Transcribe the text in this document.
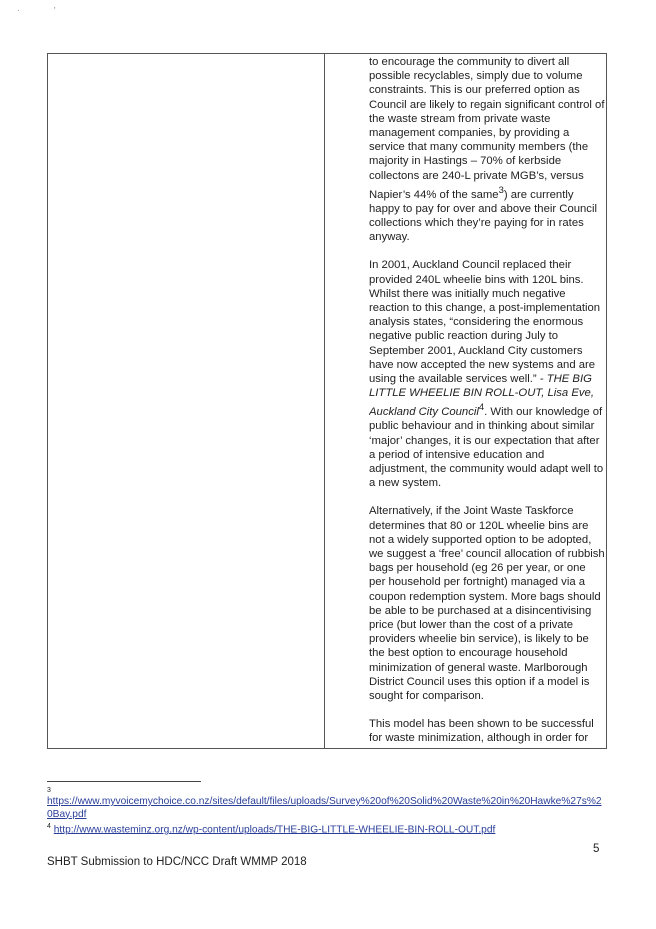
·	'

to encourage the community to divert all possible recyclables, simply due to volume constraints. This is our preferred option as Council are likely to regain significant control of the waste stream from private waste management companies, by providing a service that many community members (the majority in Hastings – 70% of kerbside collectons are 240-L private MGB’s, versus Napier’s 44% of the same$^3$) are currently happy to pay for over and above their Council collections which they’re paying for in rates anyway.

In 2001, Auckland Council replaced their provided 240L wheelie bins with 120L bins. Whilst there was initially much negative reaction to this change, a post-implementation analysis states, “considering the enormous negative public reaction during July to September 2001, Auckland City customers have now accepted the new systems and are using the available services well.” - THE BIG LITTLE WHEELIE BIN ROLL-OUT, Lisa Eve, Auckland City Council$^4$. With our knowledge of public behaviour and in thinking about similar ‘major’ changes, it is our expectation that after a period of intensive education and adjustment, the community would adapt well to a new system.

Alternatively, if the Joint Waste Taskforce determines that 80 or 120L wheelie bins are not a widely supported option to be adopted, we suggest a ‘free’ council allocation of rubbish bags per household (eg 26 per year, or one per household per fortnight) managed via a coupon redemption system. More bags should be able to be purchased at a disincentivising price (but lower than the cost of a private providers wheelie bin service), is likely to be the best option to encourage household minimization of general waste. Marlborough District Council uses this option if a model is sought for comparison.

This model has been shown to be successful for waste minimization, although in order for

3
https://www.myvoicemychoice.co.nz/sites/default/files/uploads/Survey%20of%20Solid%20Waste%20in%20Hawke%27s%20Bay.pdf
$^4$ http://www.wasteminz.org.nz/wp-content/uploads/THE-BIG-LITTLE-WHEELIE-BIN-ROLL-OUT.pdf
5
SHBT Submission to HDC/NCC Draft WMMP 2018
